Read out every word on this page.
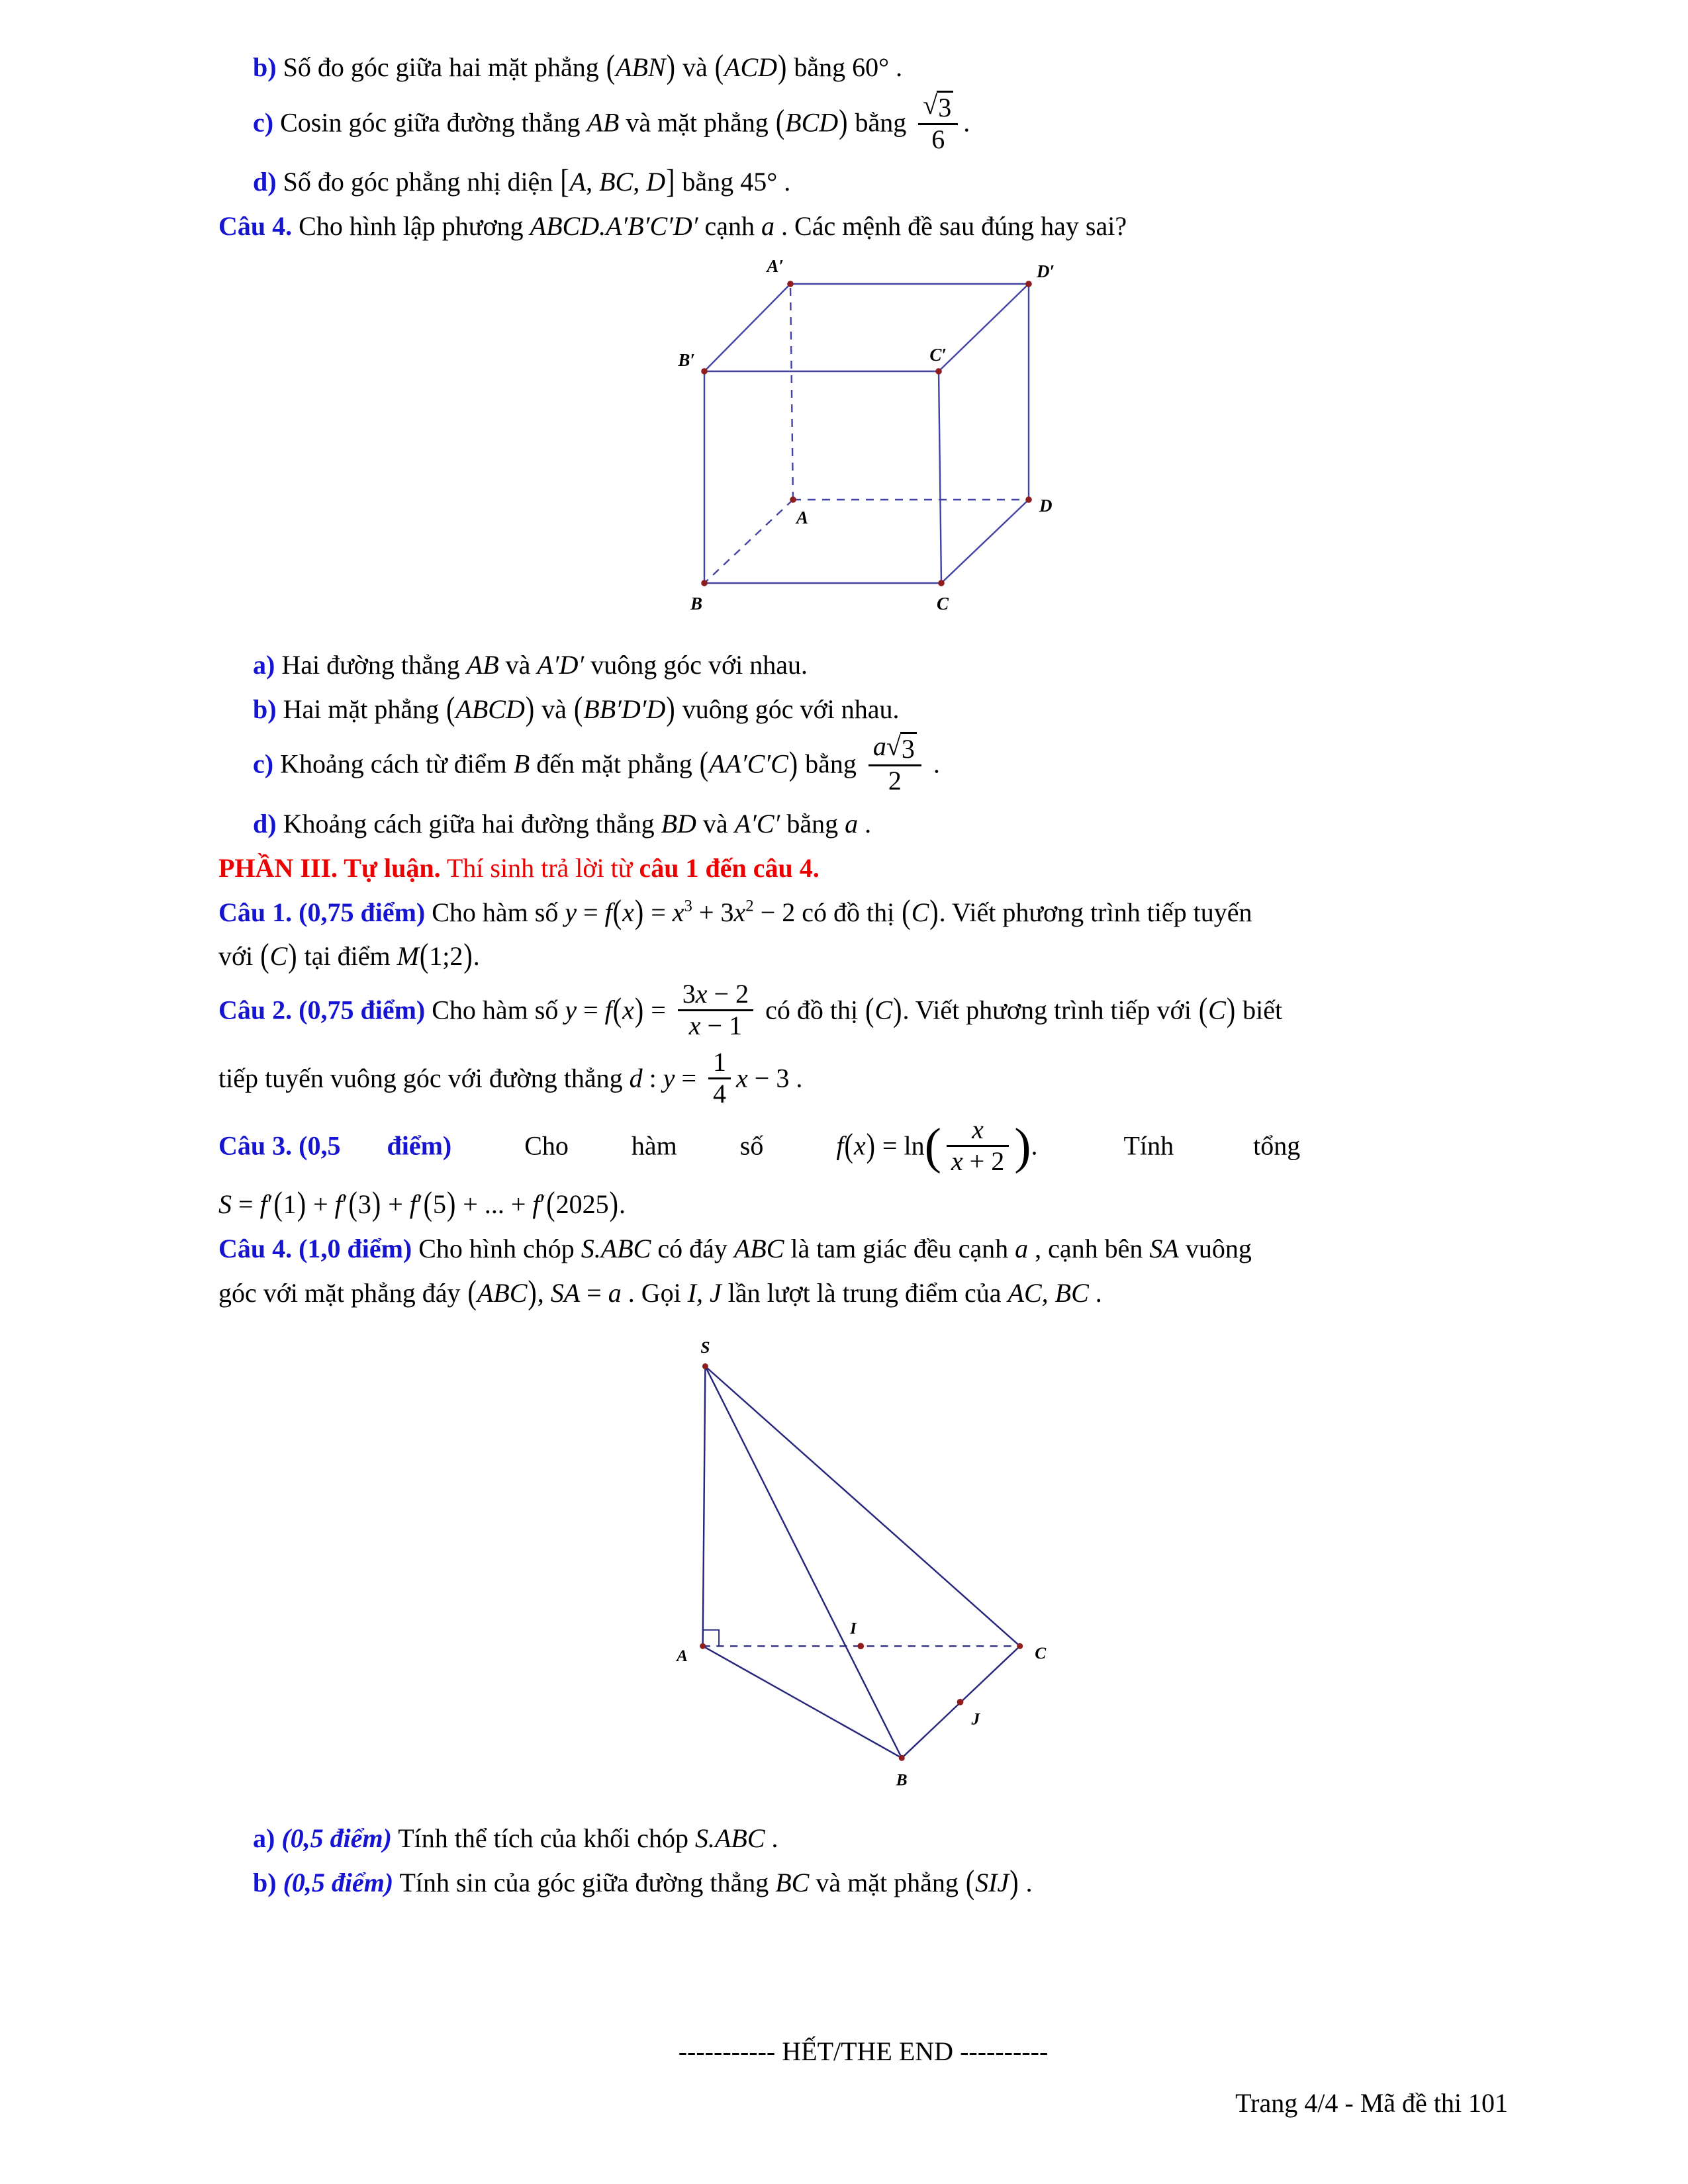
b) Số đo góc giữa hai mặt phẳng (ABN) và (ACD) bằng 60° .
c) Cosin góc giữa đường thẳng AB và mặt phẳng (BCD) bằng $\frac{√ 3}{6}$ .
d) Số đo góc phẳng nhị diện [A, BC, D] bằng 45° .
Câu 4. Cho hình lập phương ABCD.A′B′C′D′ cạnh a . Các mệnh đề sau đúng hay sai?
A′	D′
B′	C′
A
D
B	C
a) Hai đường thẳng AB và A′D′ vuông góc với nhau.
b) Hai mặt phẳng (ABCD) và (BB′D′D) vuông góc với nhau.
c) Khoảng cách từ điểm B đến mặt phẳng (AA′C′C) bằng $\frac{a √ 3}{2}$ .
d) Khoảng cách giữa hai đường thẳng BD và A′C′ bằng a .
PHẦN III. Tự luận. Thí sinh trả lời từ câu 1 đến câu 4.
Câu 1. (0,75 điểm) Cho hàm số $y = f(x) = x^3 + 3x^2 - 2$ có đồ thị (C). Viết phương trình tiếp tuyến
với (C) tại điểm M(1;2).
Câu 2. (0,75 điểm) Cho hàm số $y = f(x) = \frac{3x - 2}{x - 1}$ có đồ thị (C). Viết phương trình tiếp với (C) biết
tiếp tuyến vuông góc với đường thẳng d : $y = \frac{1}{4}$ x − 3 .
Câu 3. (0,5 điểm)	Cho hàm số	$f(x) = \ln( \frac{x}{x + 2}$ ).	Tính	tổng
S = f′(1) + f′(3) + f′(5) + ... + f′(2025).
Câu 4. (1,0 điểm) Cho hình chóp S.ABC có đáy ABC là tam giác đều cạnh a , cạnh bên SA vuông
góc với mặt phẳng đáy (ABC), SA = a . Gọi I, J lần lượt là trung điểm của AC, BC .
S
A
B
C
I
J
a) (0,5 điểm) Tính thể tích của khối chóp S.ABC .
b) (0,5 điểm) Tính sin của góc giữa đường thẳng BC và mặt phẳng (SIJ) .
----------- HẾT/THE END ----------
Trang 4/4 - Mã đề thi 101
